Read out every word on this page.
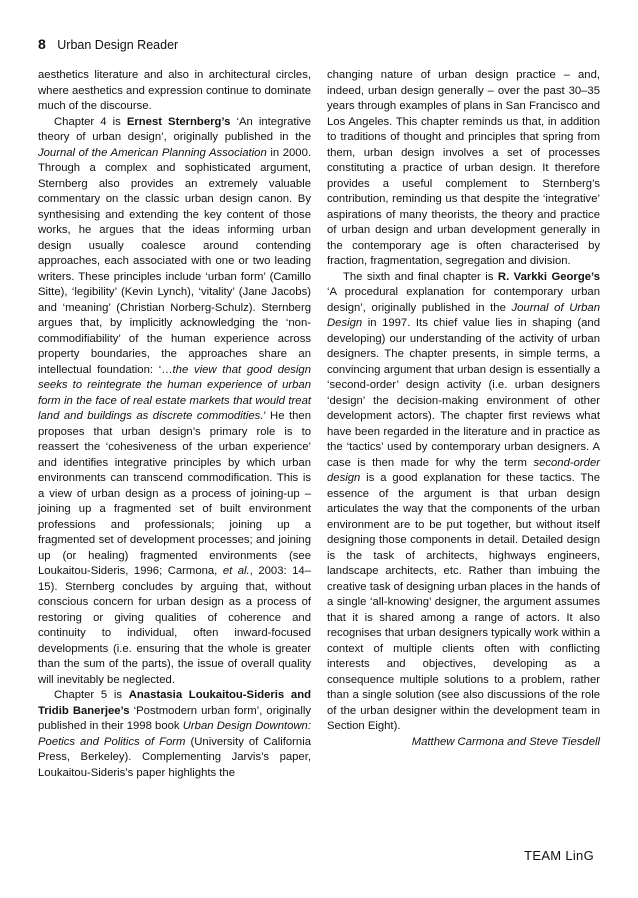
8 Urban Design Reader

aesthetics literature and also in architectural circles, where aesthetics and expression continue to dominate much of the discourse.

Chapter 4 is Ernest Sternberg’s ‘An integrative theory of urban design’, originally published in the Journal of the American Planning Association in 2000. Through a complex and sophisticated argument, Sternberg also provides an extremely valuable commentary on the classic urban design canon. By synthesising and extending the key content of those works, he argues that the ideas informing urban design usually coalesce around contending approaches, each associated with one or two leading writers. These principles include ‘urban form’ (Camillo Sitte), ‘legibility’ (Kevin Lynch), ‘vitality’ (Jane Jacobs) and ‘meaning’ (Christian Norberg-Schulz). Sternberg argues that, by implicitly acknowledging the ‘non-commodifiability’ of the human experience across property boundaries, the approaches share an intellectual foundation: ‘…the view that good design seeks to reintegrate the human experience of urban form in the face of real estate markets that would treat land and buildings as discrete commodities.’ He then proposes that urban design’s primary role is to reassert the ‘cohesiveness of the urban experience’ and identifies integrative principles by which urban environments can transcend commodification. This is a view of urban design as a process of joining-up – joining up a fragmented set of built environment professions and professionals; joining up a fragmented set of development processes; and joining up (or healing) fragmented environments (see Loukaitou-Sideris, 1996; Carmona, et al., 2003: 14–15). Sternberg concludes by arguing that, without conscious concern for urban design as a process of restoring or giving qualities of coherence and continuity to individual, often inward-focused developments (i.e. ensuring that the whole is greater than the sum of the parts), the issue of overall quality will inevitably be neglected.

Chapter 5 is Anastasia Loukaitou-Sideris and Tridib Banerjee’s ‘Postmodern urban form’, originally published in their 1998 book Urban Design Downtown: Poetics and Politics of Form (University of California Press, Berkeley). Complementing Jarvis’s paper, Loukaitou-Sideris’s paper highlights the

changing nature of urban design practice – and, indeed, urban design generally – over the past 30–35 years through examples of plans in San Francisco and Los Angeles. This chapter reminds us that, in addition to traditions of thought and principles that spring from them, urban design involves a set of processes constituting a practice of urban design. It therefore provides a useful complement to Sternberg’s contribution, reminding us that despite the ‘integrative’ aspirations of many theorists, the theory and practice of urban design and urban development generally in the contemporary age is often characterised by fraction, fragmentation, segregation and division.

The sixth and final chapter is R. Varkki George’s ‘A procedural explanation for contemporary urban design’, originally published in the Journal of Urban Design in 1997. Its chief value lies in shaping (and developing) our understanding of the activity of urban designers. The chapter presents, in simple terms, a convincing argument that urban design is essentially a ‘second-order’ design activity (i.e. urban designers ‘design’ the decision-making environment of other development actors). The chapter first reviews what have been regarded in the literature and in practice as the ‘tactics’ used by contemporary urban designers. A case is then made for why the term second-order design is a good explanation for these tactics. The essence of the argument is that urban design articulates the way that the components of the urban environment are to be put together, but without itself designing those components in detail. Detailed design is the task of architects, highways engineers, landscape architects, etc. Rather than imbuing the creative task of designing urban places in the hands of a single ‘all-knowing’ designer, the argument assumes that it is shared among a range of actors. It also recognises that urban designers typically work within a context of multiple clients often with conflicting interests and objectives, developing as a consequence multiple solutions to a problem, rather than a single solution (see also discussions of the role of the urban designer within the development team in Section Eight).

Matthew Carmona and Steve Tiesdell

TEAM LinG
